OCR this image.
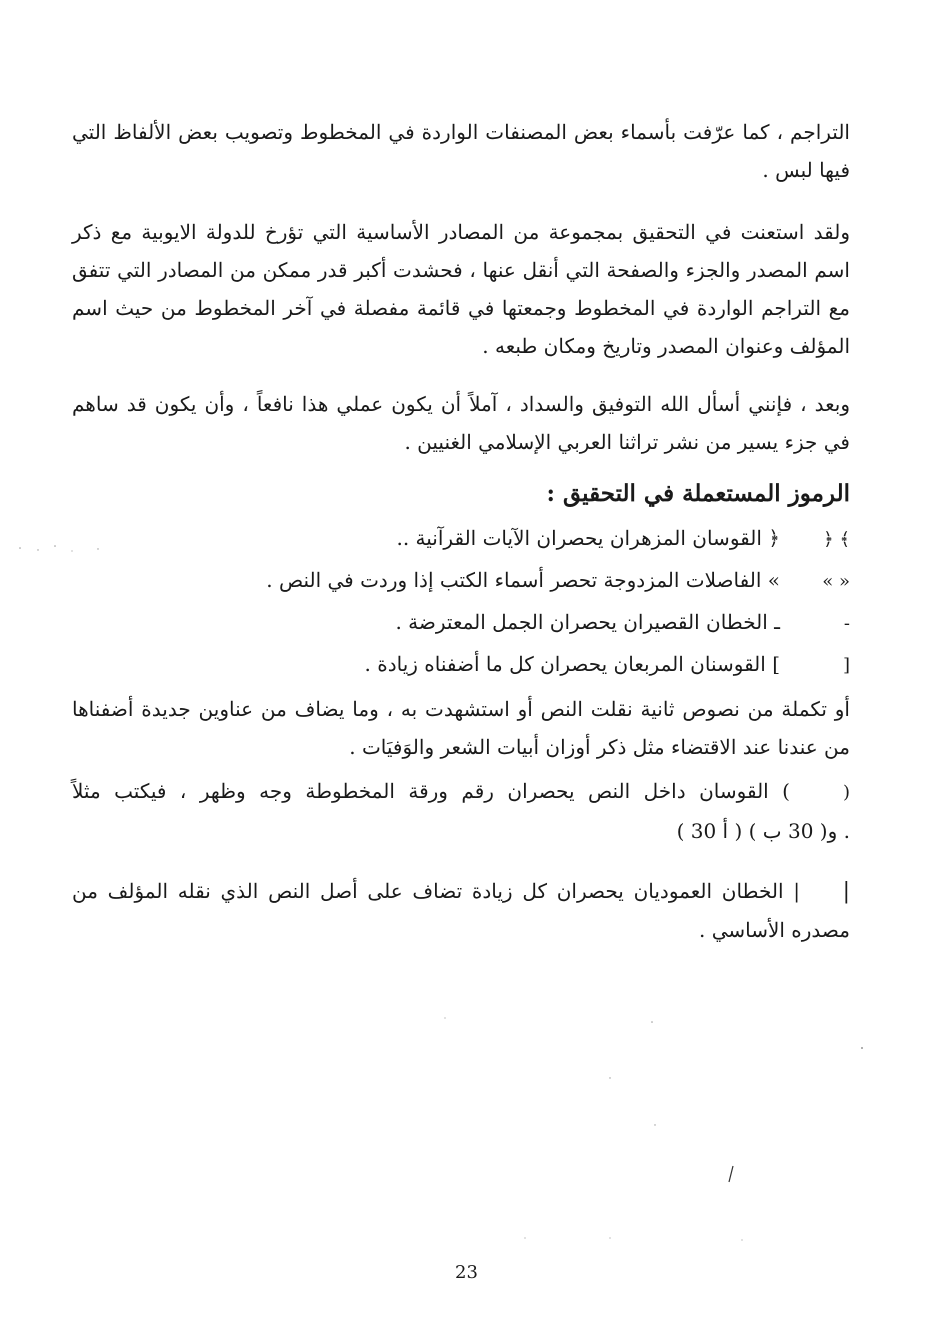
التراجم ، كما عرّفت بأسماء بعض المصنفات الواردة في المخطوط وتصويب بعض الألفاظ التي فيها لبس .

ولقد استعنت في التحقيق بمجموعة من المصادر الأساسية التي تؤرخ للدولة الايوبية مع ذكر اسم المصدر والجزء والصفحة التي أنقل عنها ، فحشدت أكبر قدر ممكن من المصادر التي تتفق مع التراجم الواردة في المخطوط وجمعتها في قائمة مفصلة في آخر المخطوط من حيث اسم المؤلف وعنوان المصدر وتاريخ ومكان طبعه .

وبعد ، فإنني أسأل الله التوفيق والسداد ، آملاً أن يكون عملي هذا نافعاً ، وأن يكون قد ساهم في جزء يسير من نشر تراثنا العربي الإسلامي الغنيين .

الرموز المستعملة في التحقيق :
﴾ ﴿
﴿ القوسان المزهران يحصران الآيات القرآنية ..
« »
» الفاصلات المزدوجة تحصر أسماء الكتب إذا وردت في النص .
-
ـ الخطان القصيران يحصران الجمل المعترضة .
[
] القوسنان المربعان يحصران كل ما أضفناه زيادة .

أو تكملة من نصوص ثانية نقلت النص أو استشهدت به ، وما يضاف من عناوين جديدة أضفناها من عندنا عند الاقتضاء مثل ذكر أوزان أبيات الشعر والوَفيَات .

(
) القوسان داخل النص يحصران رقم ورقة المخطوطة وجه وظهر ، فيكتب مثلاً
( 30 أ ) و( 30 ب ) .
|
| الخطان العموديان يحصران كل زيادة تضاف على أصل النص الذي نقله المؤلف من
مصدره الأساسي .
23
